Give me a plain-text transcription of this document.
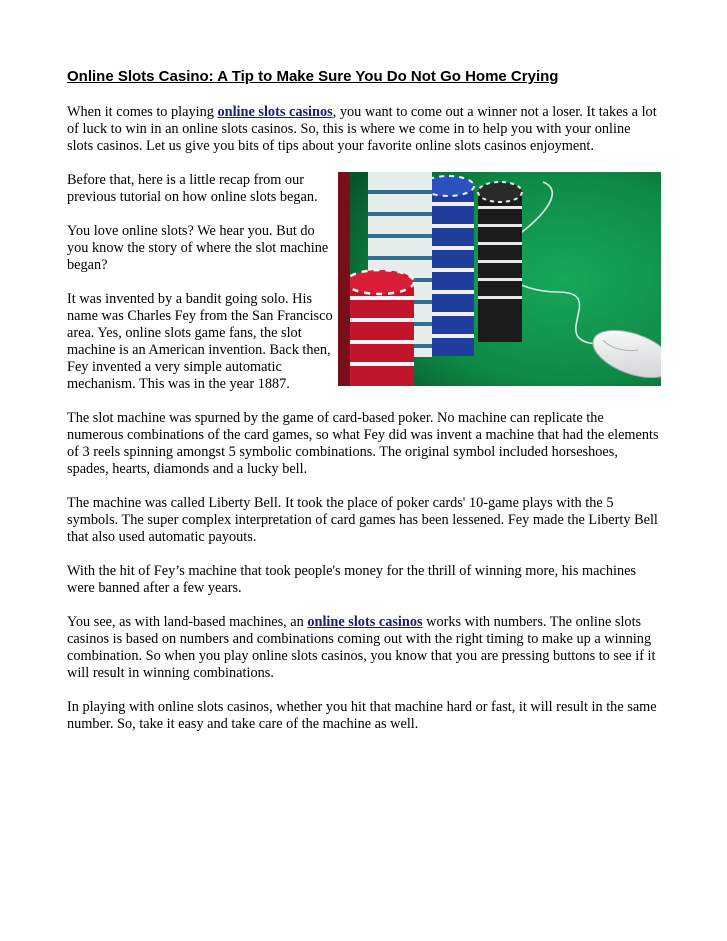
Online Slots Casino: A Tip to Make Sure You Do Not Go Home Crying

When it comes to playing online slots casinos, you want to come out a winner not a loser. It takes a lot of luck to win in an online slots casinos. So, this is where we come in to help you with your online slots casinos. Let us give you bits of tips about your favorite online slots casinos enjoyment.

Before that, here is a little recap from our previous tutorial on how online slots began.

You love online slots? We hear you. But do you know the story of where the slot machine began?

It was invented by a bandit going solo. His name was Charles Fey from the San Francisco area. Yes, online slots game fans, the slot machine is an American invention. Back then, Fey invented a very simple automatic mechanism. This was in the year 1887.

The slot machine was spurned by the game of card-based poker. No machine can replicate the numerous combinations of the card games, so what Fey did was invent a machine that had the elements of 3 reels spinning amongst 5 symbolic combinations. The original symbol included horseshoes, spades, hearts, diamonds and a lucky bell.

The machine was called Liberty Bell. It took the place of poker cards' 10-game plays with the 5 symbols. The super complex interpretation of card games has been lessened. Fey made the Liberty Bell that also used automatic payouts.

With the hit of Fey’s machine that took people's money for the thrill of winning more, his machines were banned after a few years.

You see, as with land-based machines, an online slots casinos works with numbers. The online slots casinos is based on numbers and combinations coming out with the right timing to make up a winning combination. So when you play online slots casinos, you know that you are pressing buttons to see if it will result in winning combinations.

In playing with online slots casinos, whether you hit that machine hard or fast, it will result in the same number. So, take it easy and take care of the machine as well.
